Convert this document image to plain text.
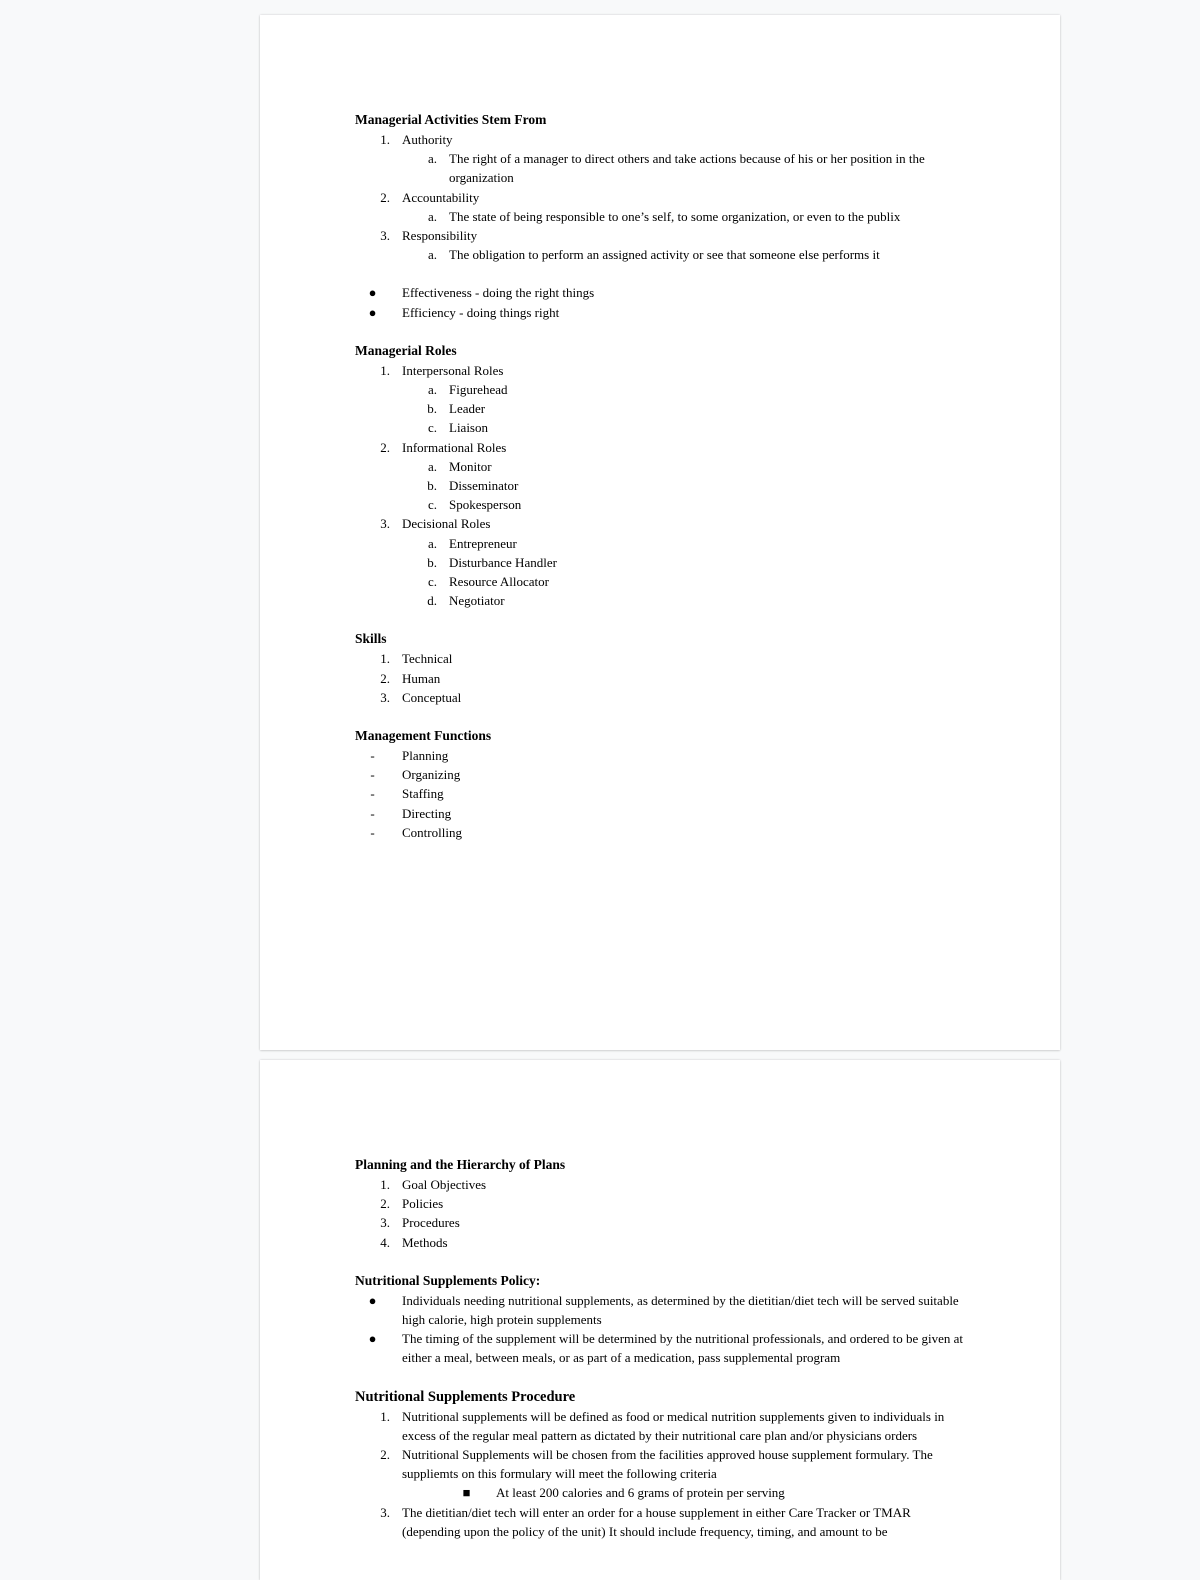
Managerial Activities Stem From

1. Authority
a. The right of a manager to direct others and take actions because of his or her position in the organization
2. Accountability
a. The state of being responsible to one’s self, to some organization, or even to the publix
3. Responsibility
a. The obligation to perform an assigned activity or see that someone else performs it
●	Effectiveness - doing the right things
●	Efficiency - doing things right

Managerial Roles

1. Interpersonal Roles
a. Figurehead
b. Leader
c. Liaison
2. Informational Roles
a. Monitor
b. Disseminator
c. Spokesperson
3. Decisional Roles
a. Entrepreneur
b. Disturbance Handler
c. Resource Allocator
d. Negotiator

Skills

1. Technical
2. Human
3. Conceptual

Management Functions

-	Planning
-	Organizing
-	Staffing
-	Directing
-	Controlling

Planning and the Hierarchy of Plans

1. Goal Objectives
2. Policies
3. Procedures
4. Methods

Nutritional Supplements Policy:

●	Individuals needing nutritional supplements, as determined by the dietitian/diet tech will be served suitable high calorie, high protein supplements
●	The timing of the supplement will be determined by the nutritional professionals, and ordered to be given at either a meal, between meals, or as part of a medication, pass supplemental program

Nutritional Supplements Procedure

1. Nutritional supplements will be defined as food or medical nutrition supplements given to individuals in excess of the regular meal pattern as dictated by their nutritional care plan and/or physicians orders
2. Nutritional Supplements will be chosen from the facilities approved house supplement formulary. The suppliemts on this formulary will meet the following criteria
■	At least 200 calories and 6 grams of protein per serving
3. The dietitian/diet tech will enter an order for a house supplement in either Care Tracker or TMAR (depending upon the policy of the unit) It should include frequency, timing, and amount to be
